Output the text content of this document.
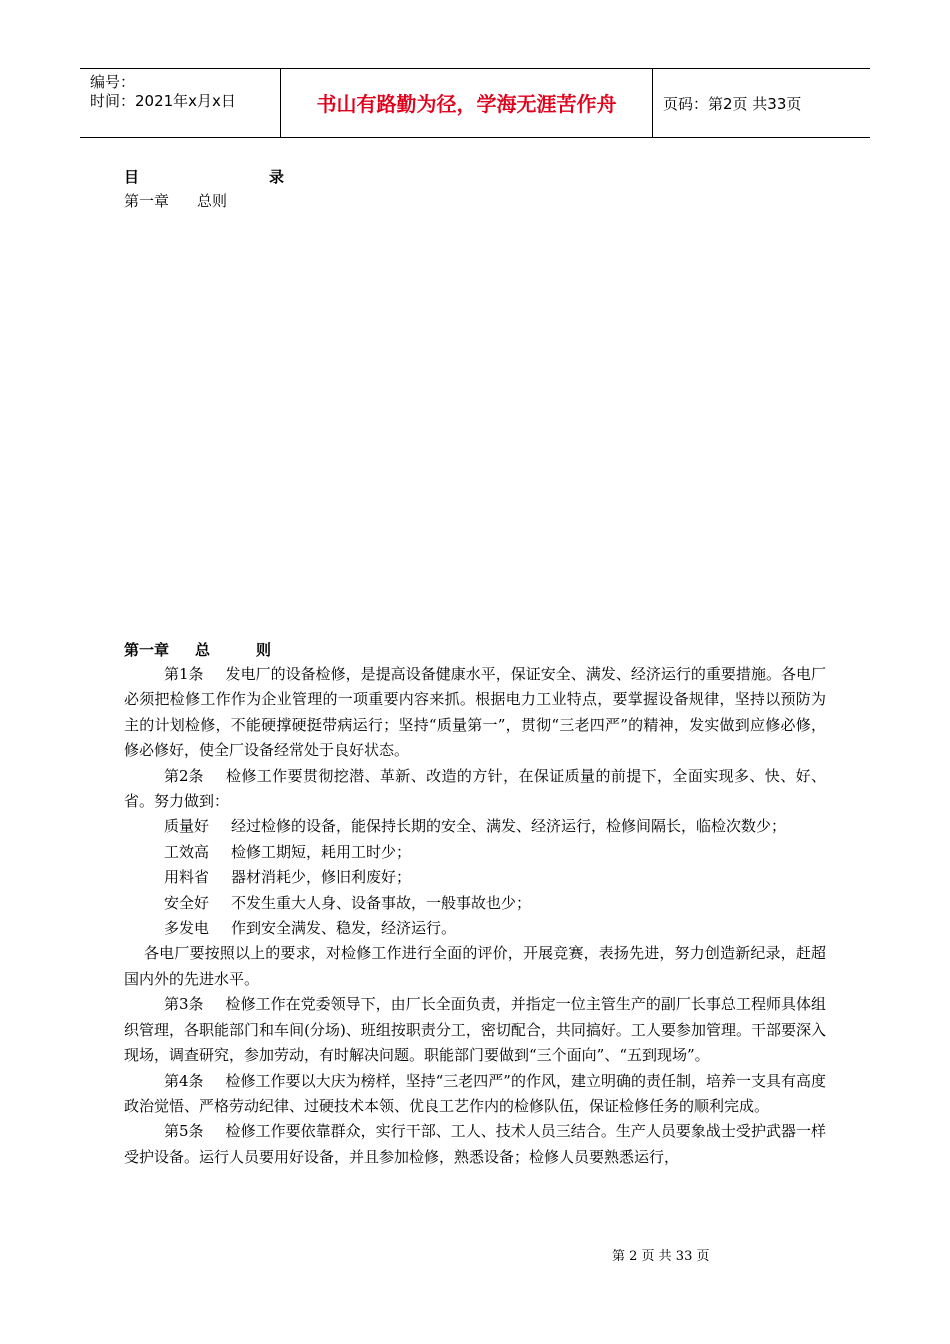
编号：
时间：2021年x月x日	书山有路勤为径，学海无涯苦作舟	页码：第2页 共33页
目	录
第一章 总则
第一章 总	则

第1条 发电厂的设备检修，是提高设备健康水平，保证安全、满发、经济运行的重要措施。各电厂必须把检修工作作为企业管理的一项重要内容来抓。根据电力工业特点，要掌握设备规律，坚持以预防为主的计划检修，不能硬撑硬挺带病运行；坚持“质量第一”，贯彻“三老四严”的精神，发实做到应修必修，修必修好，使全厂设备经常处于良好状态。

第2条 检修工作要贯彻挖潜、革新、改造的方针，在保证质量的前提下，全面实现多、快、好、省。努力做到：

质量好 经过检修的设备，能保持长期的安全、满发、经济运行，检修间隔长，临检次数少；

工效高 检修工期短，耗用工时少；

用料省 器材消耗少，修旧利废好；

安全好 不发生重大人身、设备事故，一般事故也少；

多发电 作到安全满发、稳发，经济运行。

各电厂要按照以上的要求，对检修工作进行全面的评价，开展竞赛，表扬先进，努力创造新纪录，赶超国内外的先进水平。

第3条 检修工作在党委领导下，由厂长全面负责，并指定一位主管生产的副厂长事总工程师具体组织管理，各职能部门和车间(分场)、班组按职责分工，密切配合，共同搞好。工人要参加管理。干部要深入现场，调查研究，参加劳动，有时解决问题。职能部门要做到“三个面向”、“五到现场”。

第4条 检修工作要以大庆为榜样，坚持“三老四严”的作风，建立明确的责任制，培养一支具有高度政治觉悟、严格劳动纪律、过硬技术本领、优良工艺作内的检修队伍，保证检修任务的顺利完成。

第5条 检修工作要依靠群众，实行干部、工人、技术人员三结合。生产人员要象战士受护武器一样受护设备。运行人员要用好设备，并且参加检修，熟悉设备；检修人员要熟悉运行，

第 2 页 共 33 页
